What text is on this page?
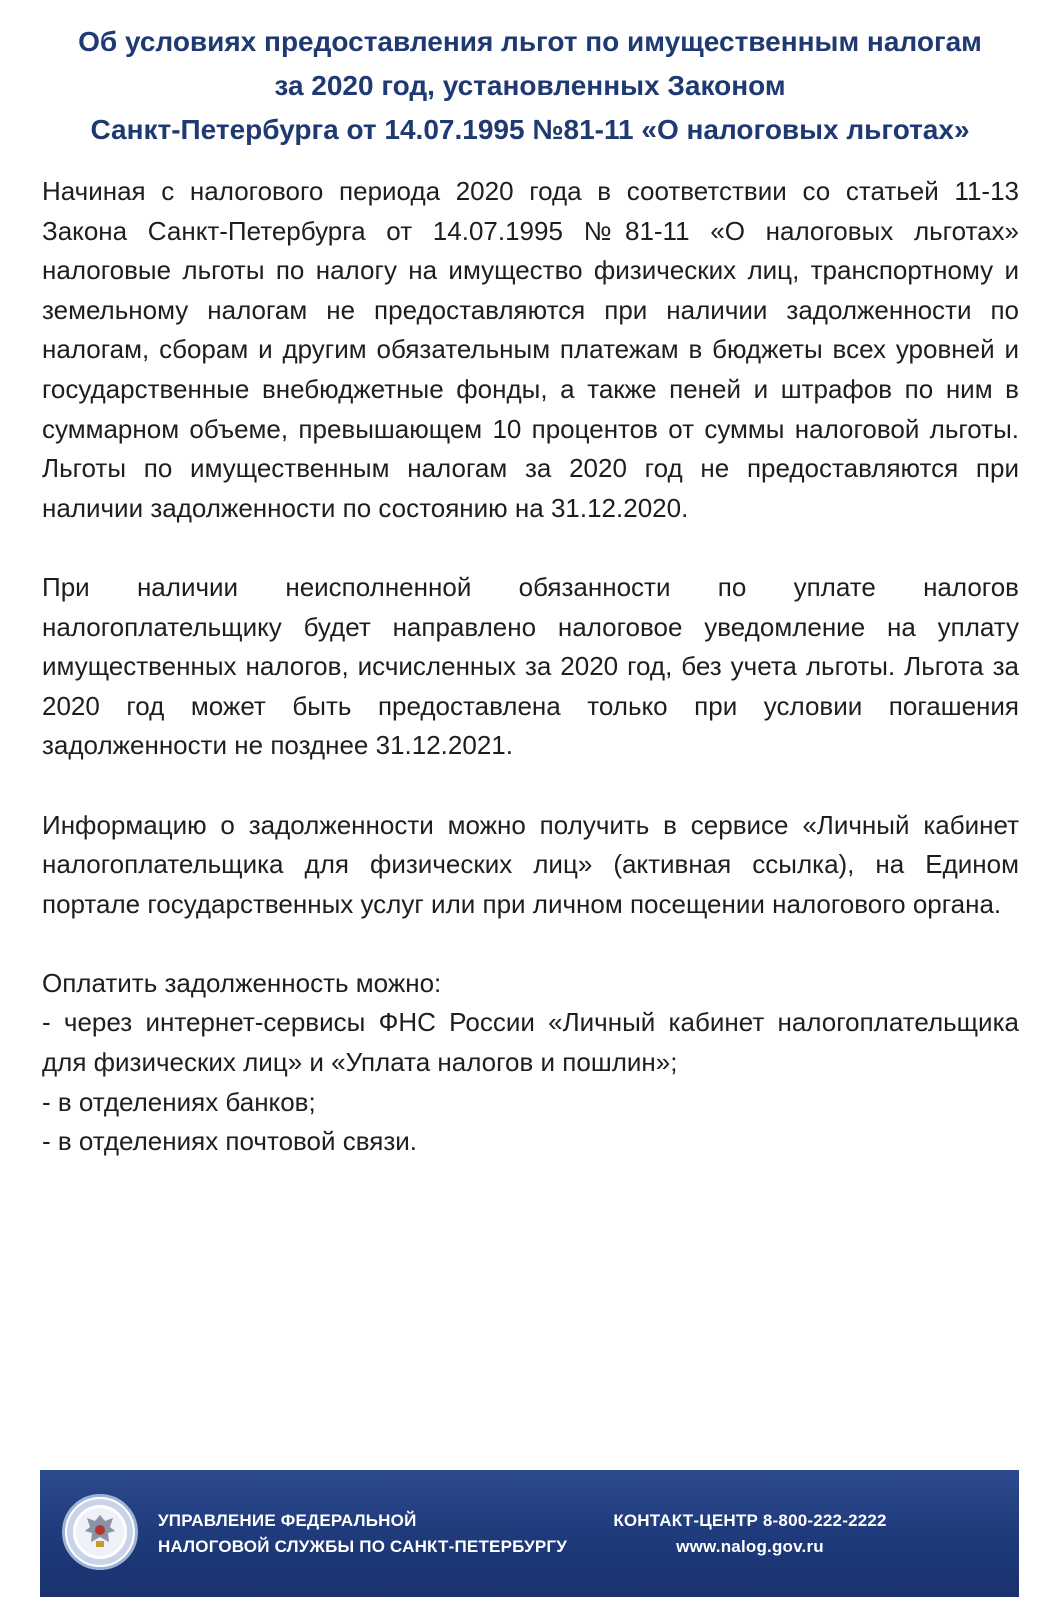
Об условиях предоставления льгот по имущественным налогам
за 2020 год, установленных Законом
Санкт-Петербурга от 14.07.1995 №81-11 «О налоговых льготах»

Начиная с налогового периода 2020 года в соответствии со статьей 11-13 Закона Санкт-Петербурга от 14.07.1995 №81-11 «О налоговых льготах» налоговые льготы по налогу на имущество физических лиц, транспортному и земельному налогам не предоставляются при наличии задолженности по налогам, сборам и другим обязательным платежам в бюджеты всех уровней и государственные внебюджетные фонды, а также пеней и штрафов по ним в суммарном объеме, превышающем 10 процентов от суммы налоговой льготы. Льготы по имущественным налогам за 2020 год не предоставляются при наличии задолженности по состоянию на 31.12.2020.

При наличии неисполненной обязанности по уплате налогов налогоплательщику будет направлено налоговое уведомление на уплату имущественных налогов, исчисленных за 2020 год, без учета льготы. Льгота за 2020 год может быть предоставлена только при условии погашения задолженности не позднее 31.12.2021.

Информацию о задолженности можно получить в сервисе «Личный кабинет налогоплательщика для физических лиц» (активная ссылка), на Едином портале государственных услуг или при личном посещении налогового органа.

Оплатить задолженность можно:
- через интернет-сервисы ФНС России «Личный кабинет налогоплательщика для физических лиц» и «Уплата налогов и пошлин»;
- в отделениях банков;
- в отделениях почтовой связи.
УПРАВЛЕНИЕ ФЕДЕРАЛЬНОЙ
НАЛОГОВОЙ СЛУЖБЫ ПО САНКТ-ПЕТЕРБУРГУ
КОНТАКТ-ЦЕНТР 8-800-222-2222
www.nalog.gov.ru
